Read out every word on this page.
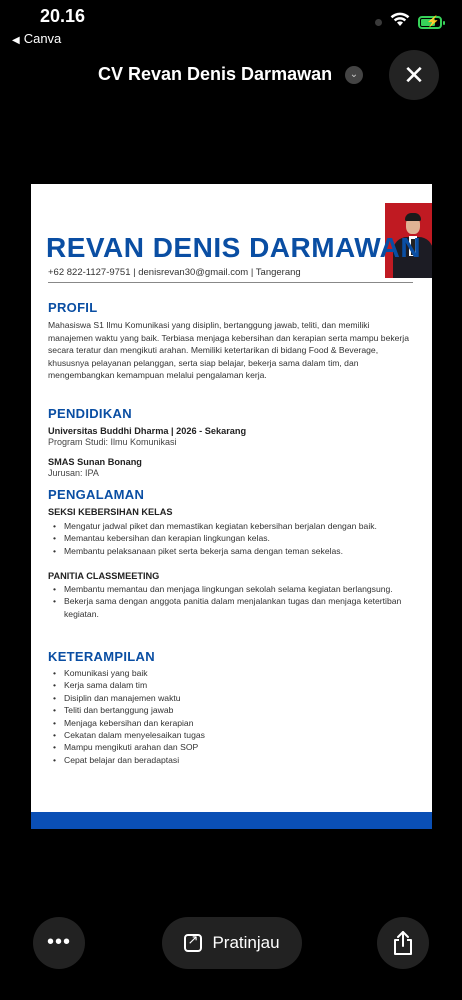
20.16
◀ Canva
⚡
CV Revan Denis Darmawan	⌄	✕
REVAN DENIS DARMAWAN
+62 822-1127-9751 | denisrevan30@gmail.com | Tangerang
PROFIL
Mahasiswa S1 Ilmu Komunikasi yang disiplin, bertanggung jawab, teliti, dan memiliki manajemen waktu yang baik. Terbiasa menjaga kebersihan dan kerapian serta mampu bekerja secara teratur dan mengikuti arahan. Memiliki ketertarikan di bidang Food & Beverage, khususnya pelayanan pelanggan, serta siap belajar, bekerja sama dalam tim, dan mengembangkan kemampuan melalui pengalaman kerja.
PENDIDIKAN
Universitas Buddhi Dharma | 2026 - Sekarang
Program Studi: Ilmu Komunikasi
SMAS Sunan Bonang
Jurusan: IPA
PENGALAMAN
SEKSI KEBERSIHAN KELAS
• Mengatur jadwal piket dan memastikan kegiatan kebersihan berjalan dengan baik.
• Memantau kebersihan dan kerapian lingkungan kelas.
• Membantu pelaksanaan piket serta bekerja sama dengan teman sekelas.
PANITIA CLASSMEETING
• Membantu memantau dan menjaga lingkungan sekolah selama kegiatan berlangsung.
• Bekerja sama dengan anggota panitia dalam menjalankan tugas dan menjaga ketertiban kegiatan.
KETERAMPILAN
• Komunikasi yang baik
• Kerja sama dalam tim
• Disiplin dan manajemen waktu
• Teliti dan bertanggung jawab
• Menjaga kebersihan dan kerapian
• Cekatan dalam menyelesaikan tugas
• Mampu mengikuti arahan dan SOP
• Cepat belajar dan beradaptasi
•••
↗	Pratinjau
